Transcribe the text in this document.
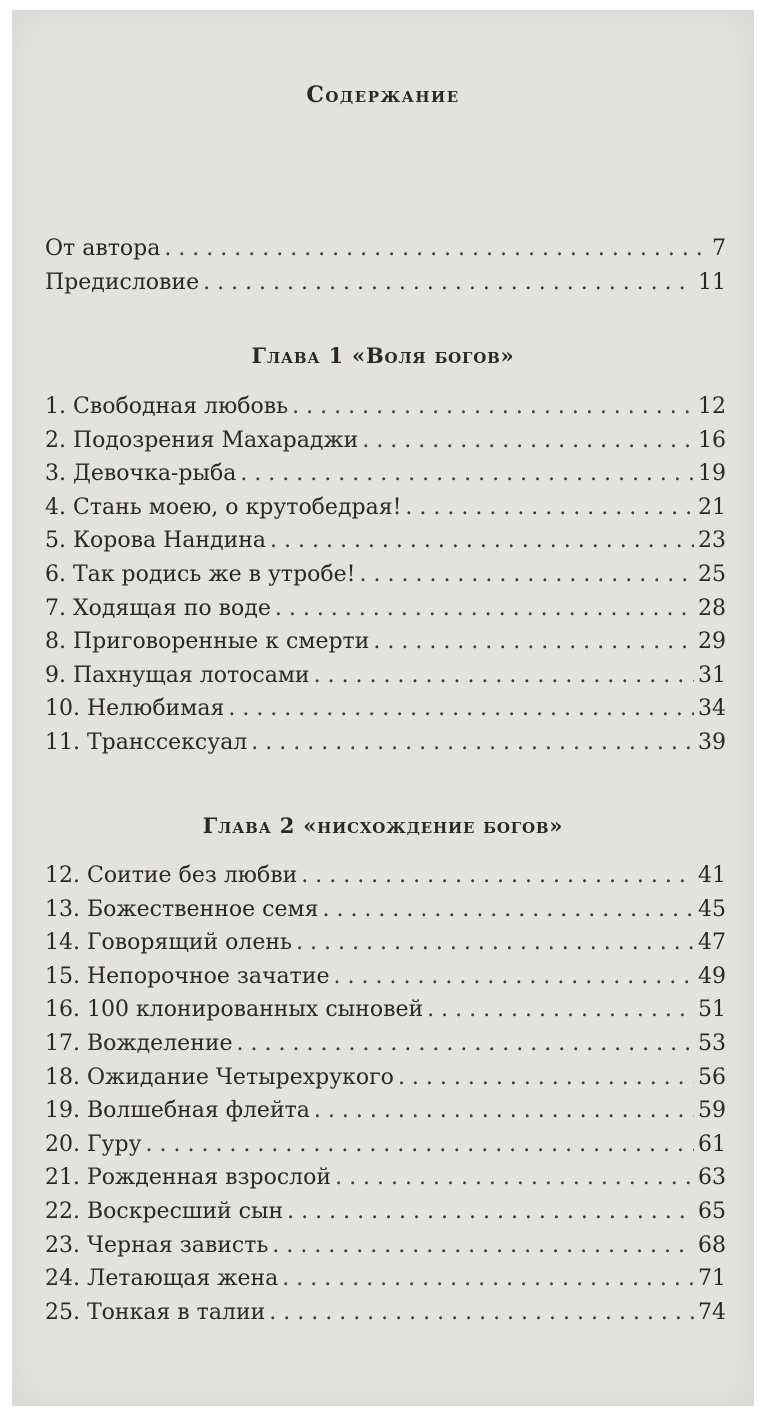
Содержание
От автора . . .	7
Предисловие . . .	11
Глава 1 «Воля богов»
1. Свободная любовь . . .	12
2. Подозрения Махараджи . . .	16
3. Девочка-рыба . . .	19
4. Стань моею, о крутобедрая! . . .	21
5. Корова Нандина . . .	23
6. Так родись же в утробе! . . .	25
7. Ходящая по воде . . .	28
8. Приговоренные к смерти . . .	29
9. Пахнущая лотосами . . .	31
10. Нелюбимая . . .	34
11. Транссексуал . . .	39
Глава 2 «нисхождение богов»
12. Соитие без любви . . .	41
13. Божественное семя . . .	45
14. Говорящий олень . . .	47
15. Непорочное зачатие . . .	49
16. 100 клонированных сыновей . . .	51
17. Вожделение . . .	53
18. Ожидание Четырехрукого . . .	56
19. Волшебная флейта . . .	59
20. Гуру . . .	61
21. Рожденная взрослой . . .	63
22. Воскресший сын . . .	65
23. Черная зависть . . .	68
24. Летающая жена . . .	71
25. Тонкая в талии . . .	74
